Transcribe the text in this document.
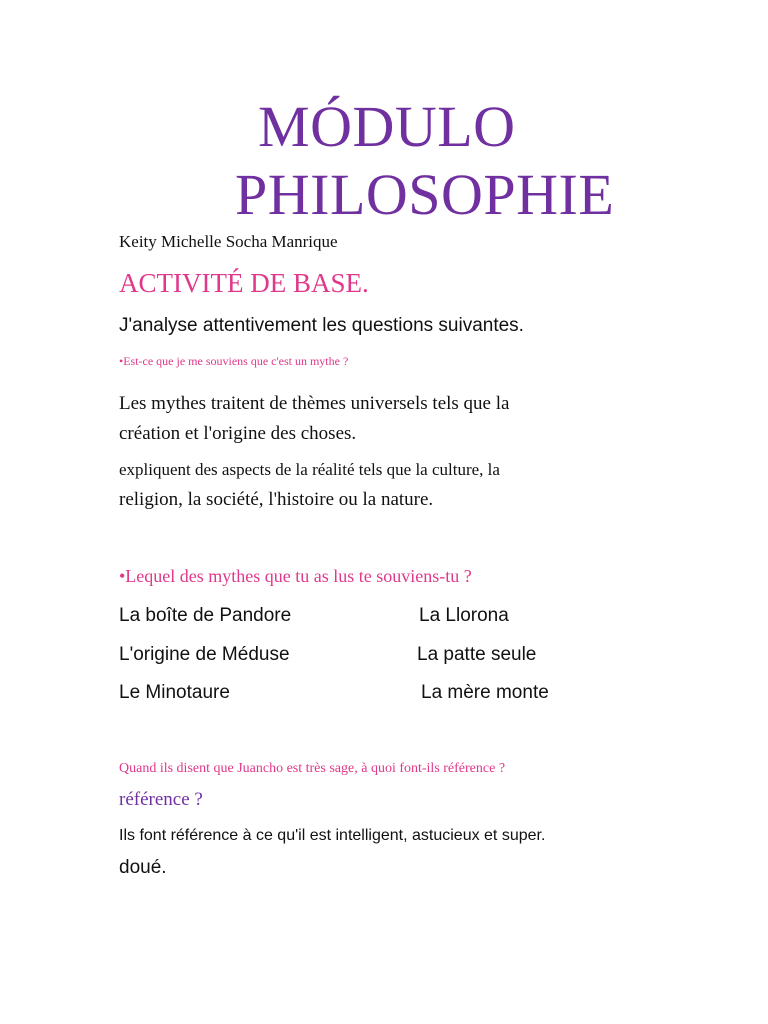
MÓDULO
PHILOSOPHIE
Keity Michelle Socha Manrique
ACTIVITÉ DE BASE.
J'analyse attentivement les questions suivantes.
•Est-ce que je me souviens que c'est un mythe ?
Les mythes traitent de thèmes universels tels que la
création et l'origine des choses.
expliquent des aspects de la réalité tels que la culture, la
religion, la société, l'histoire ou la nature.
•Lequel des mythes que tu as lus te souviens-tu ?
La boîte de Pandore	La Llorona
L'origine de Méduse	La patte seule
Le Minotaure	La mère monte
Quand ils disent que Juancho est très sage, à quoi font-ils référence ?
référence ?
Ils font référence à ce qu'il est intelligent, astucieux et super.
doué.
